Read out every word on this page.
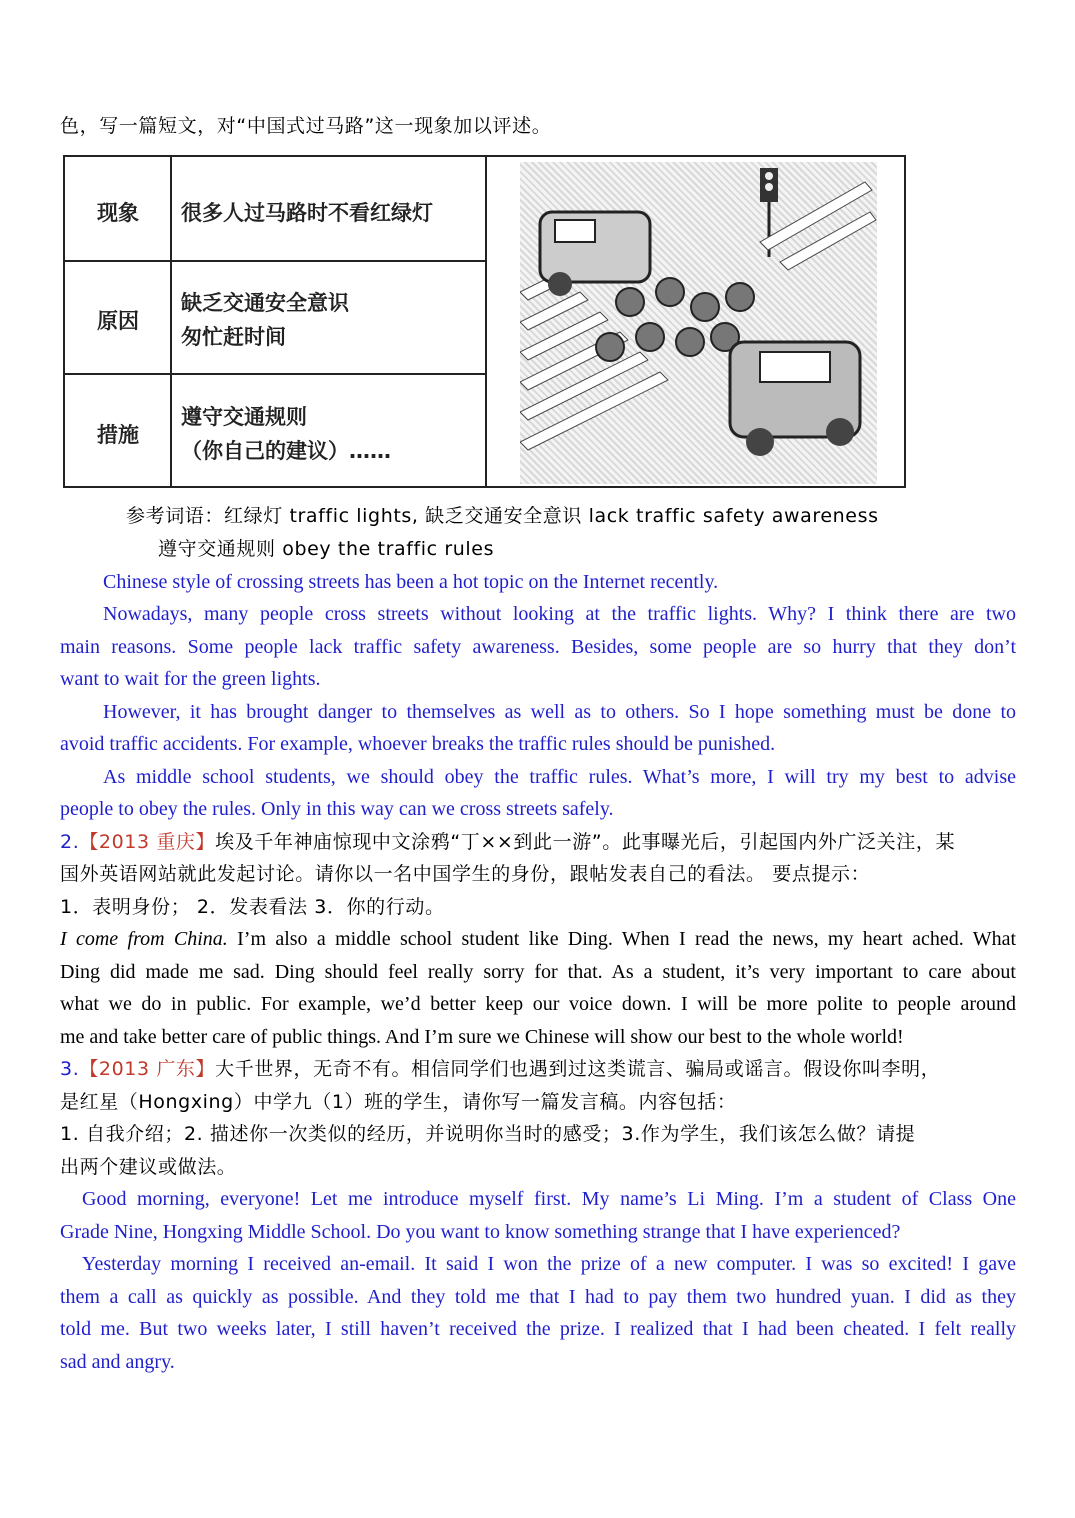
色，写一篇短文，对“中国式过马路”这一现象加以评述。
现象 很多人过马路时不看红绿灯
原因
缺乏交通安全意识
匆忙赶时间
措施
遵守交通规则
（你自己的建议）……
参考词语：红绿灯 traffic lights, 缺乏交通安全意识 lack traffic safety awareness
遵守交通规则 obey the traffic rules
Chinese style of crossing streets has been a hot topic on the Internet recently.
Nowadays, many people cross streets without looking at the traffic lights. Why? I think there are two
main reasons. Some people lack traffic safety awareness. Besides, some people are so hurry that they don’t
want to wait for the green lights.
However, it has brought danger to themselves as well as to others. So I hope something must be done to
avoid traffic accidents. For example, whoever breaks the traffic rules should be punished.
As middle school students, we should obey the traffic rules. What’s more, I will try my best to advise
people to obey the rules. Only in this way can we cross streets safely.
2.【2013 重庆】埃及千年神庙惊现中文涂鸦“丁××到此一游”。此事曝光后，引起国内外广泛关注，某
国外英语网站就此发起讨论。请你以一名中国学生的身份，跟帖发表自己的看法。 要点提示：
1．表明身份； 2．发表看法 3．你的行动。
I come from China. I’m also a middle school student like Ding. When I read the news, my heart ached. What
Ding did made me sad. Ding should feel really sorry for that. As a student, it’s very important to care about
what we do in public. For example, we’d better keep our voice down. I will be more polite to people around
me and take better care of public things. And I’m sure we Chinese will show our best to the whole world!
3.【2013 广东】大千世界，无奇不有。相信同学们也遇到过这类谎言、骗局或谣言。假设你叫李明，
是红星（Hongxing）中学九（1）班的学生，请你写一篇发言稿。内容包括：
1. 自我介绍；2. 描述你一次类似的经历，并说明你当时的感受；3.作为学生，我们该怎么做？请提
出两个建议或做法。
Good morning, everyone! Let me introduce myself first. My name’s Li Ming. I’m a student of Class One
Grade Nine, Hongxing Middle School. Do you want to know something strange that I have experienced?
Yesterday morning I received an-email. It said I won the prize of a new computer. I was so excited! I gave
them a call as quickly as possible. And they told me that I had to pay them two hundred yuan. I did as they
told me. But two weeks later, I still haven’t received the prize. I realized that I had been cheated. I felt really
sad and angry.
